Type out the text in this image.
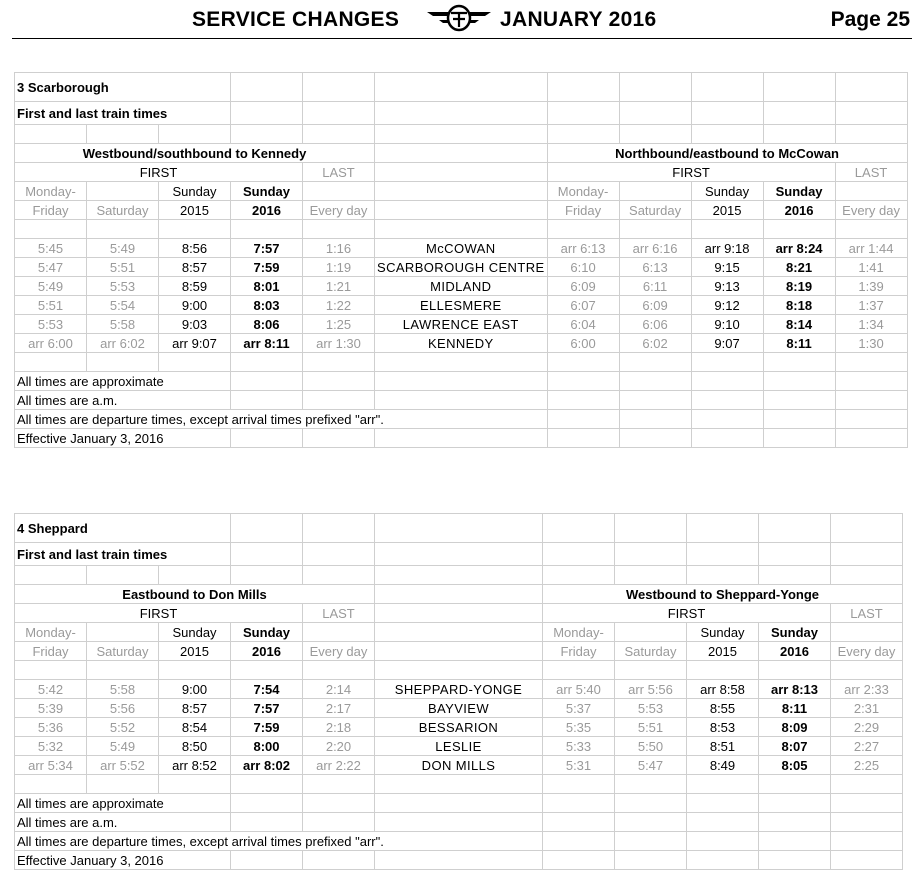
SERVICE CHANGES	JANUARY 2016	Page 25
3 Scarborough										
First and last train times										

Westbound/southbound to Kennedy						Northbound/eastbound to McCowan				
FIRST				LAST		FIRST				LAST
Monday-		Sunday	Sunday			Monday-		Sunday	Sunday	
Friday	Saturday	2015	2016	Every day		Friday	Saturday	2015	2016	Every day

5:45	5:49	8:56	7:57	1:16	McCOWAN	arr 6:13	arr 6:16	arr 9:18	arr 8:24	arr 1:44
5:47	5:51	8:57	7:59	1:19	SCARBOROUGH CENTRE	6:10	6:13	9:15	8:21	1:41
5:49	5:53	8:59	8:01	1:21	MIDLAND	6:09	6:11	9:13	8:19	1:39
5:51	5:54	9:00	8:03	1:22	ELLESMERE	6:07	6:09	9:12	8:18	1:37
5:53	5:58	9:03	8:06	1:25	LAWRENCE EAST	6:04	6:06	9:10	8:14	1:34
arr 6:00	arr 6:02	arr 9:07	arr 8:11	arr 1:30	KENNEDY	6:00	6:02	9:07	8:11	1:30

All times are approximate										
All times are a.m.										
All times are departure times, except arrival times prefixed "arr".										
Effective January 3, 2016										
4 Sheppard										
First and last train times										

Eastbound to Don Mills						Westbound to Sheppard-Yonge				
FIRST				LAST		FIRST				LAST
Monday-		Sunday	Sunday			Monday-		Sunday	Sunday	
Friday	Saturday	2015	2016	Every day		Friday	Saturday	2015	2016	Every day

5:42	5:58	9:00	7:54	2:14	SHEPPARD-YONGE	arr 5:40	arr 5:56	arr 8:58	arr 8:13	arr 2:33
5:39	5:56	8:57	7:57	2:17	BAYVIEW	5:37	5:53	8:55	8:11	2:31
5:36	5:52	8:54	7:59	2:18	BESSARION	5:35	5:51	8:53	8:09	2:29
5:32	5:49	8:50	8:00	2:20	LESLIE	5:33	5:50	8:51	8:07	2:27
arr 5:34	arr 5:52	arr 8:52	arr 8:02	arr 2:22	DON MILLS	5:31	5:47	8:49	8:05	2:25

All times are approximate										
All times are a.m.										
All times are departure times, except arrival times prefixed "arr".										
Effective January 3, 2016										
